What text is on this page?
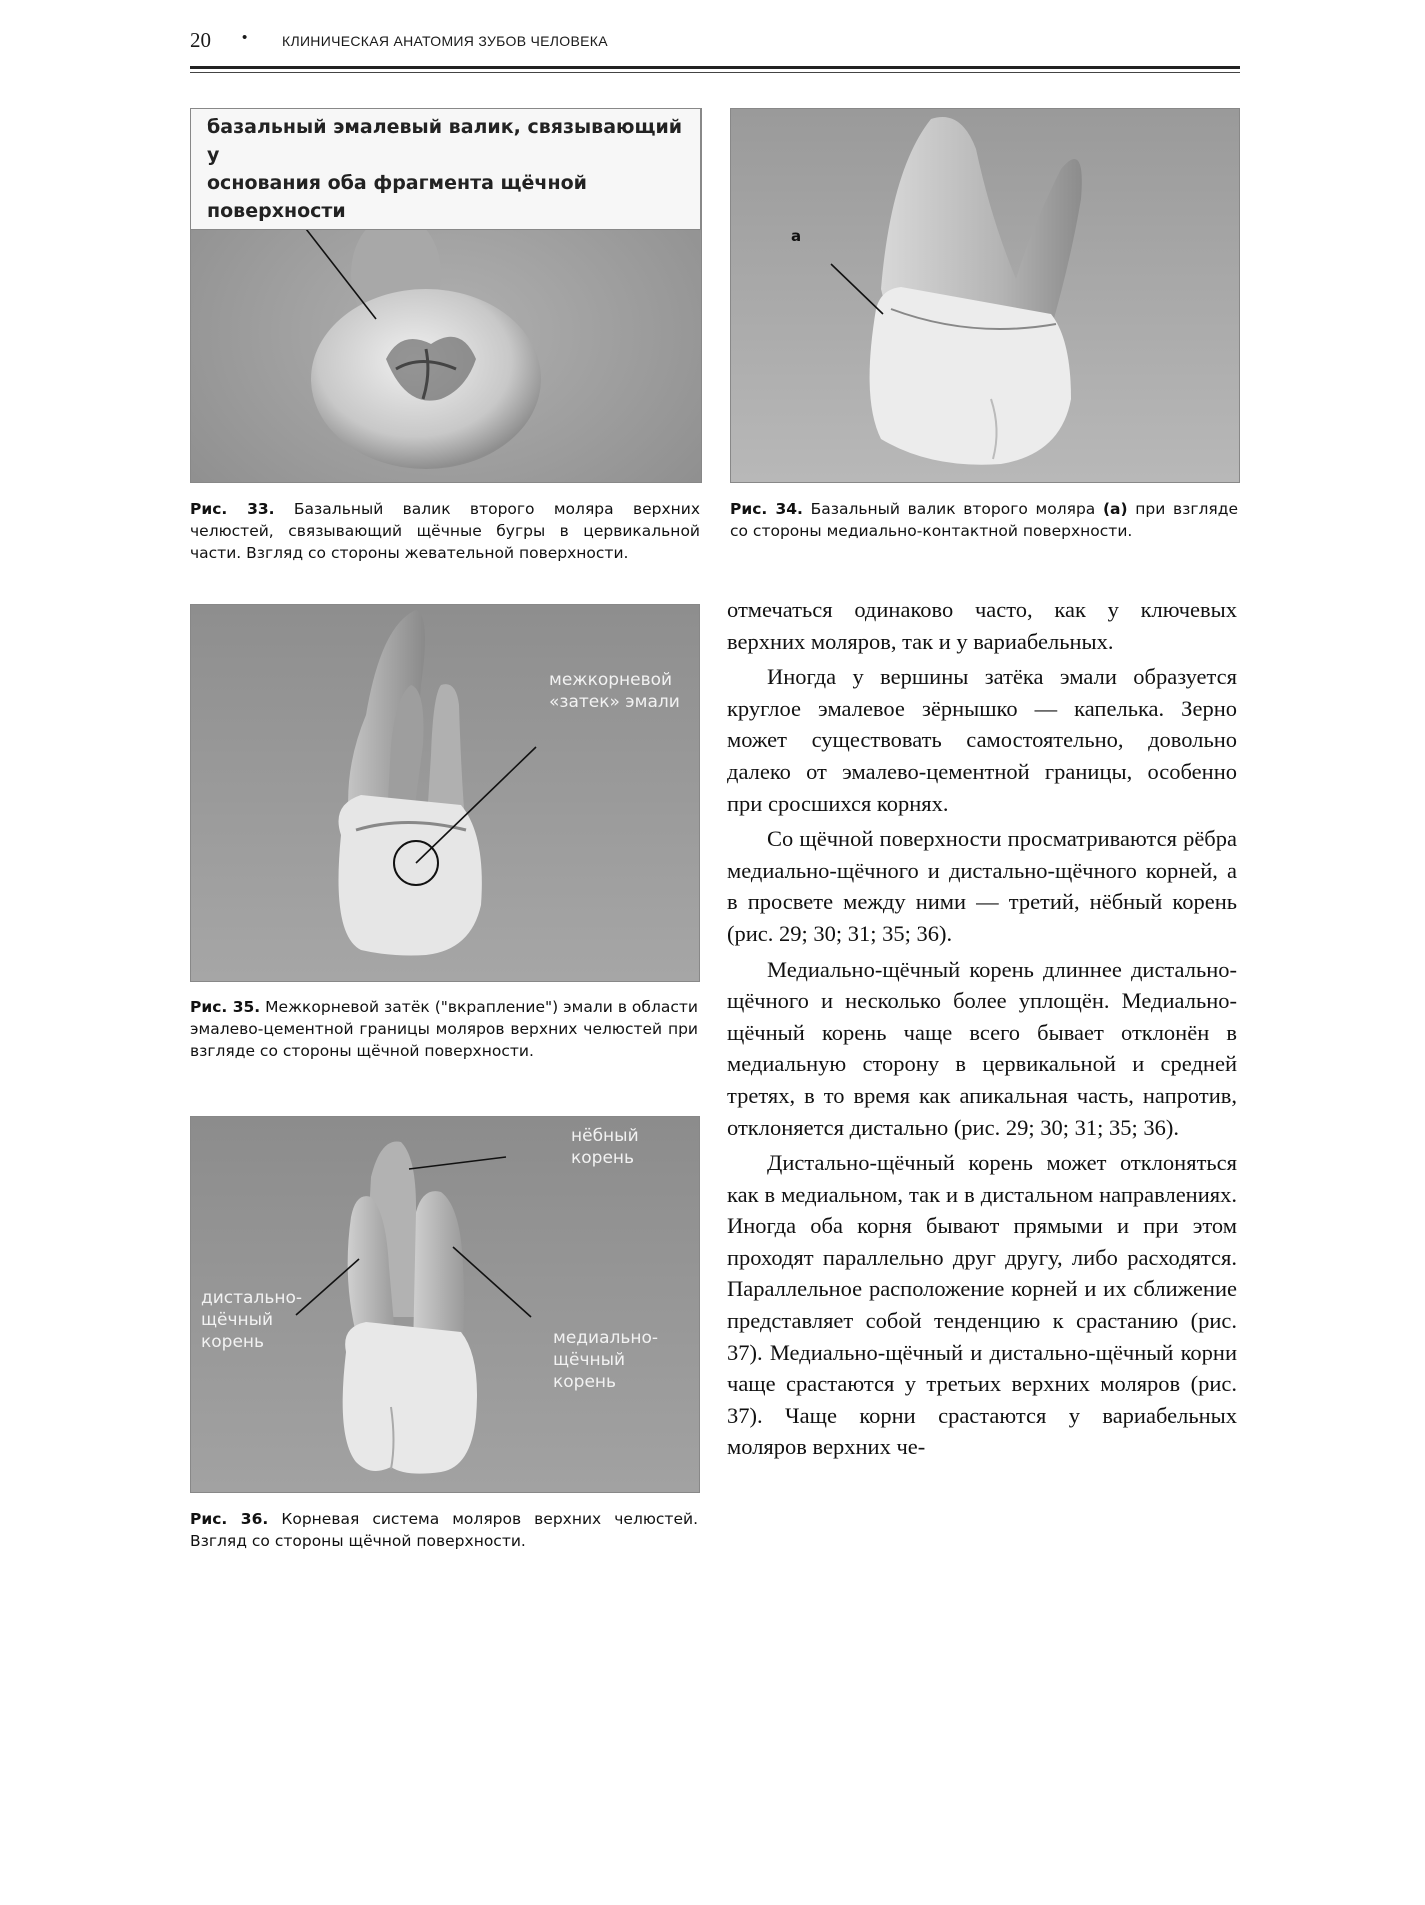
20 • КЛИНИЧЕСКАЯ АНАТОМИЯ ЗУБОВ ЧЕЛОВЕКА
базальный эмалевый валик, связывающий у
основания оба фрагмента щёчной поверхности
Рис. 33. Базальный валик второго моляра верхних челюстей, связывающий щёчные бугры в цервикальной части. Взгляд со стороны жевательной поверхности.
а
Рис. 34. Базальный валик второго моляра (а) при взгляде со стороны медиально-контактной поверхности.
межкорневой
«затек» эмали
Рис. 35. Межкорневой затёк ("вкрапление") эмали в области эмалево-цементной границы моляров верхних челюстей при взгляде со стороны щёчной поверхности.
нёбный
корень
дистально-
щёчный
корень	медиально-
щёчный
корень
Рис. 36. Корневая система моляров верхних челюстей. Взгляд со стороны щёчной поверхности.

отмечаться одинаково часто, как у ключевых верхних моляров, так и у вариабельных.

Иногда у вершины затёка эмали образуется круглое эмалевое зёрнышко — капелька. Зерно может существовать самостоятельно, довольно далеко от эмалево-цементной границы, особенно при сросшихся корнях.

Со щёчной поверхности просматриваются рёбра медиально-щёчного и дистально-щёчного корней, а в просвете между ними — третий, нёбный корень (рис. 29; 30; 31; 35; 36).

Медиально-щёчный корень длиннее дистально-щёчного и несколько более уплощён. Медиально-щёчный корень чаще всего бывает отклонён в медиальную сторону в цервикальной и средней третях, в то время как апикальная часть, напротив, отклоняется дистально (рис. 29; 30; 31; 35; 36).

Дистально-щёчный корень может отклоняться как в медиальном, так и в дистальном направлениях. Иногда оба корня бывают прямыми и при этом проходят параллельно друг другу, либо расходятся. Параллельное расположение корней и их сближение представляет собой тенденцию к срастанию (рис. 37). Медиально-щёчный и дистально-щёчный корни чаще срастаются у третьих верхних моляров (рис. 37). Чаще корни срастаются у вариабельных моляров верхних че-
